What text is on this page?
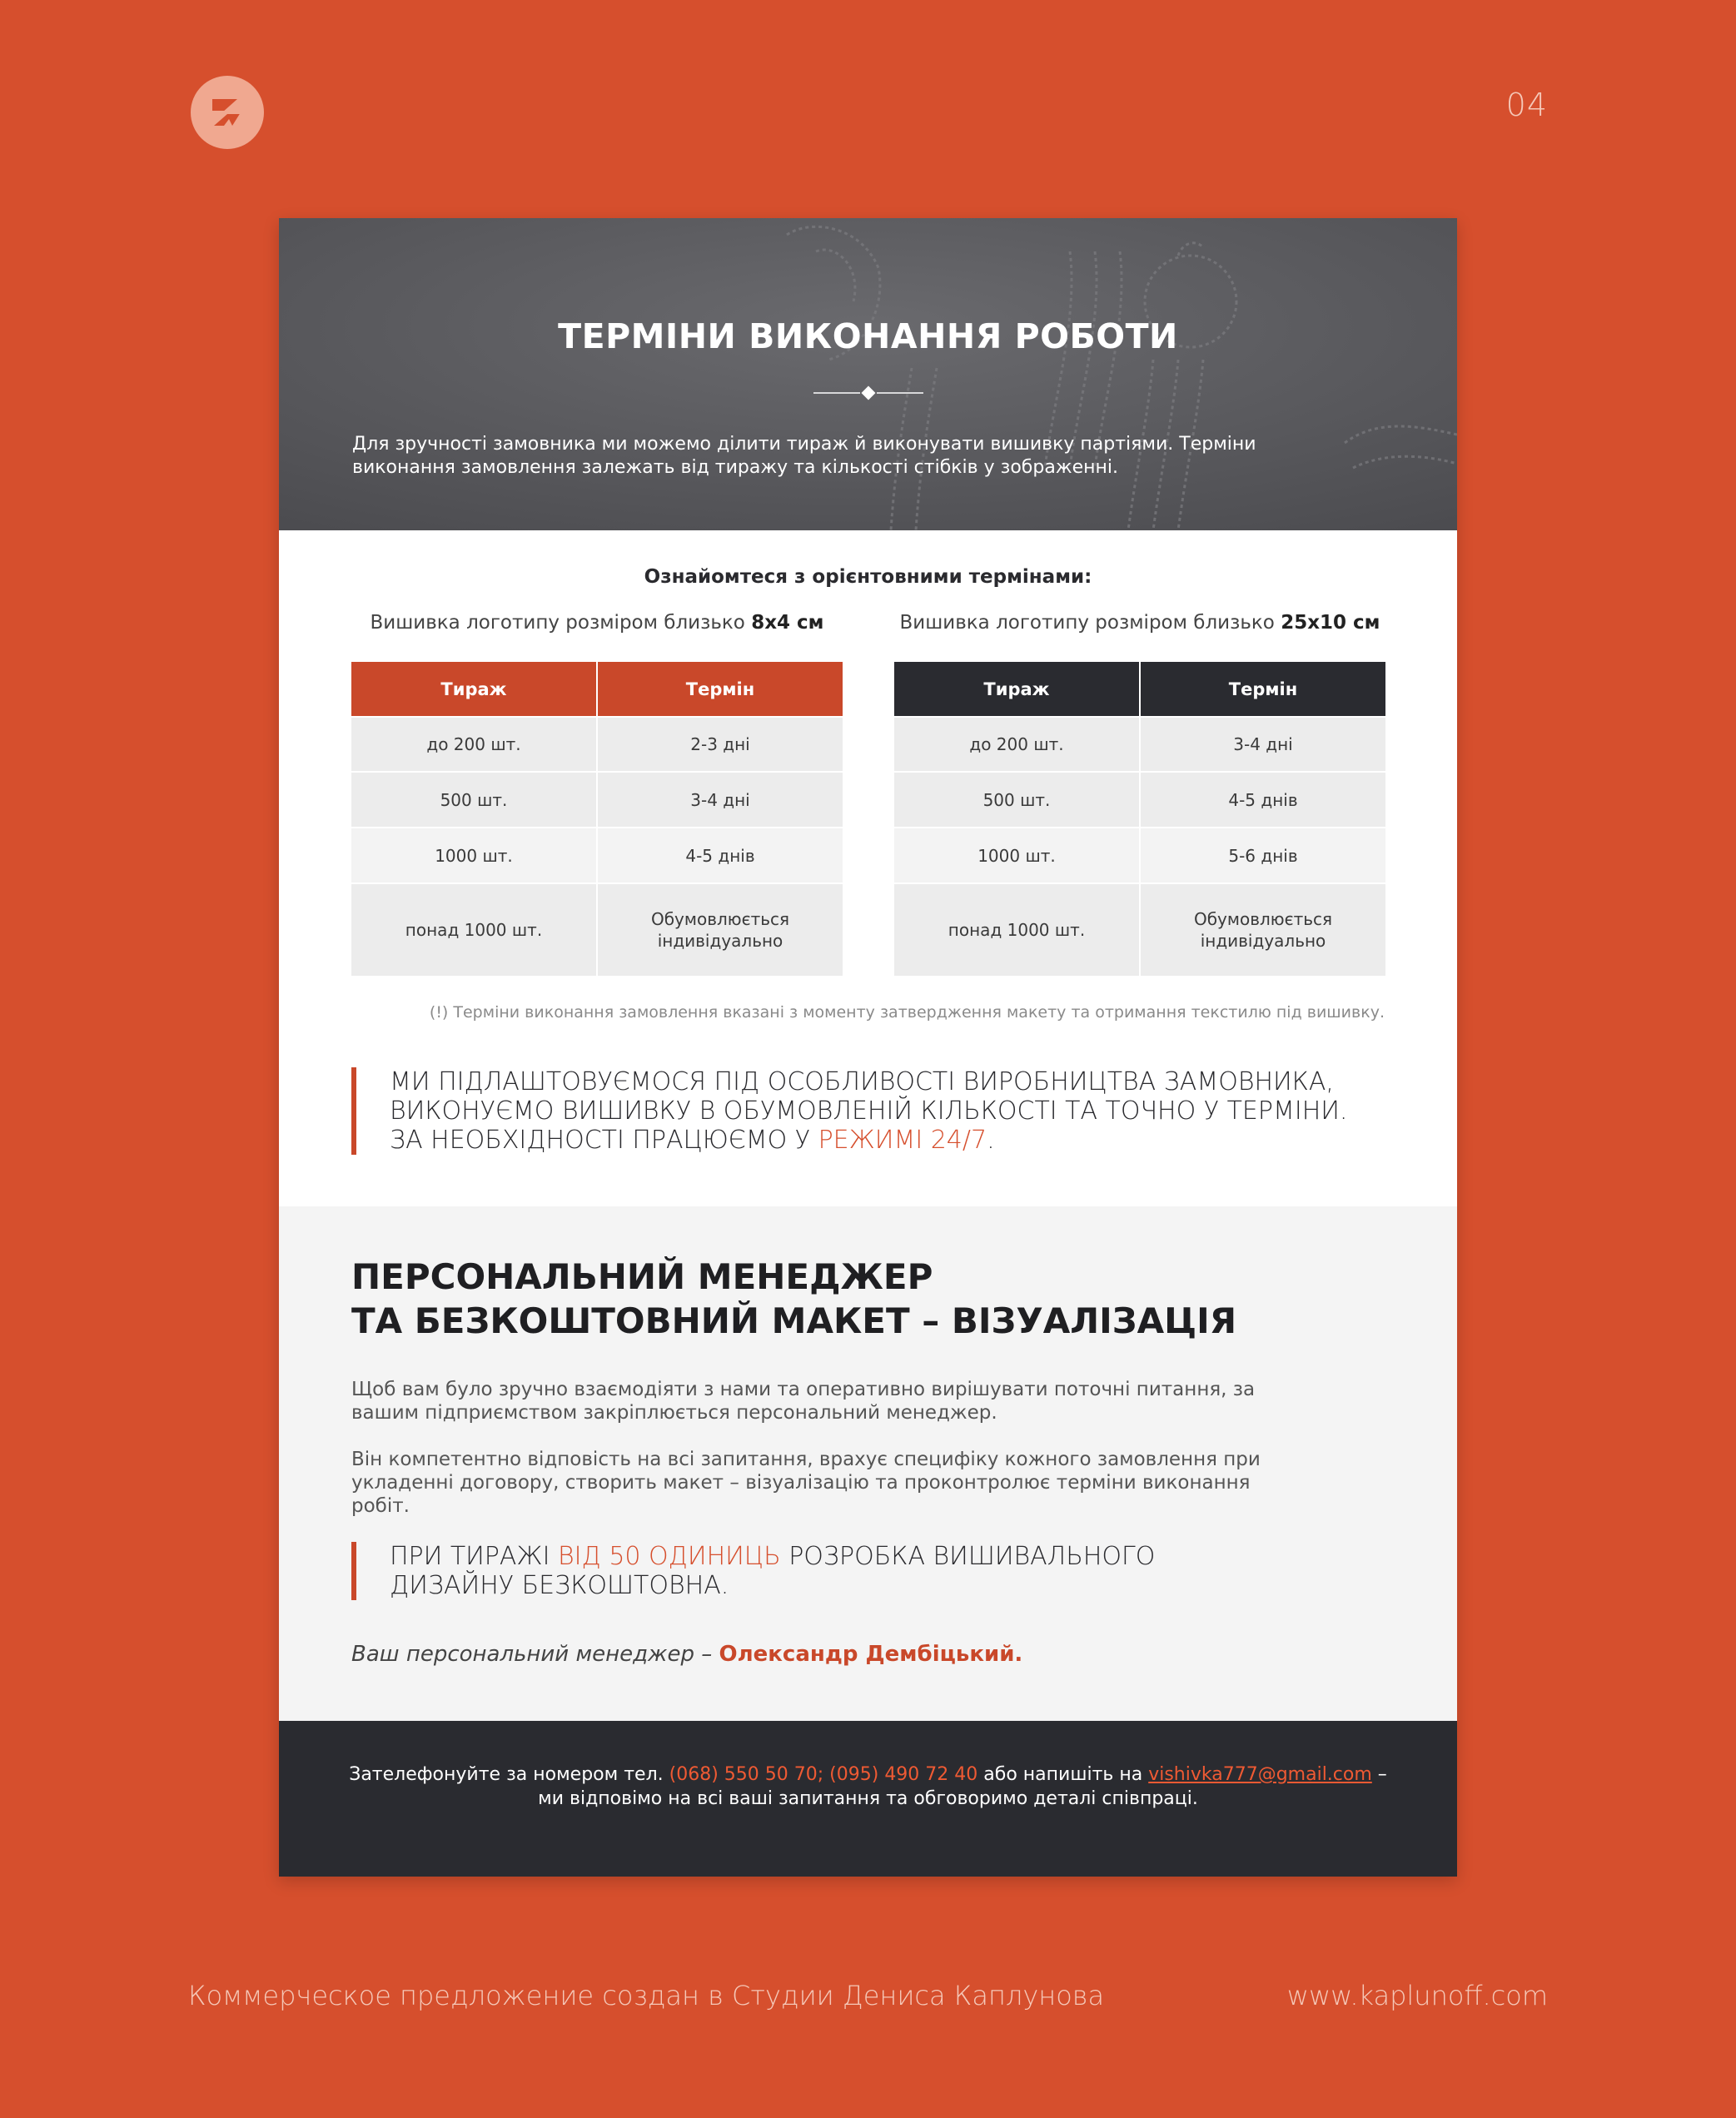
04
ТЕРМІНИ ВИКОНАННЯ РОБОТИ
Для зручності замовника ми можемо ділити тираж й виконувати вишивку партіями. Терміни виконання замовлення залежать від тиражу та кількості стібків у зображенні.
Ознайомтеся з орієнтовними термінами:
Вишивка логотипу розміром близько 8х4 см	Вишивка логотипу розміром близько 25х10 см
Тираж	Термін
до 200 шт.	2-3 дні
500 шт.	3-4 дні
1000 шт.	4-5 днів
понад 1000 шт.	Обумовлюється індивідуально
Тираж	Термін
до 200 шт.	3-4 дні
500 шт.	4-5 днів
1000 шт.	5-6 днів
понад 1000 шт.	Обумовлюється індивідуально
(!) Терміни виконання замовлення вказані з моменту затвердження макету та отримання текстилю під вишивку.
МИ ПІДЛАШТОВУЄМОСЯ ПІД ОСОБЛИВОСТІ ВИРОБНИЦТВА ЗАМОВНИКА,
ВИКОНУЄМО ВИШИВКУ В ОБУМОВЛЕНІЙ КІЛЬКОСТІ ТА ТОЧНО У ТЕРМІНИ.
ЗА НЕОБХІДНОСТІ ПРАЦЮЄМО У РЕЖИМІ 24/7.
ПЕРСОНАЛЬНИЙ МЕНЕДЖЕР
ТА БЕЗКОШТОВНИЙ МАКЕТ – ВІЗУАЛІЗАЦІЯ
Щоб вам було зручно взаємодіяти з нами та оперативно вирішувати поточні питання, за вашим підприємством закріплюється персональний менеджер.
Він компетентно відповість на всі запитання, врахує специфіку кожного замовлення при укладенні договору, створить макет – візуалізацію та проконтролює терміни виконання робіт.
ПРИ ТИРАЖІ ВІД 50 ОДИНИЦЬ РОЗРОБКА ВИШИВАЛЬНОГО
ДИЗАЙНУ БЕЗКОШТОВНА.
Ваш персональний менеджер – Олександр Дембіцький.
Зателефонуйте за номером тел. (068) 550 50 70; (095) 490 72 40 або напишіть на vishivka777@gmail.com –
ми відповімо на всі ваші запитання та обговоримо деталі співпраці.
Коммерческое предложение создан в Студии Дениса Каплунова	www.kaplunoff.com
